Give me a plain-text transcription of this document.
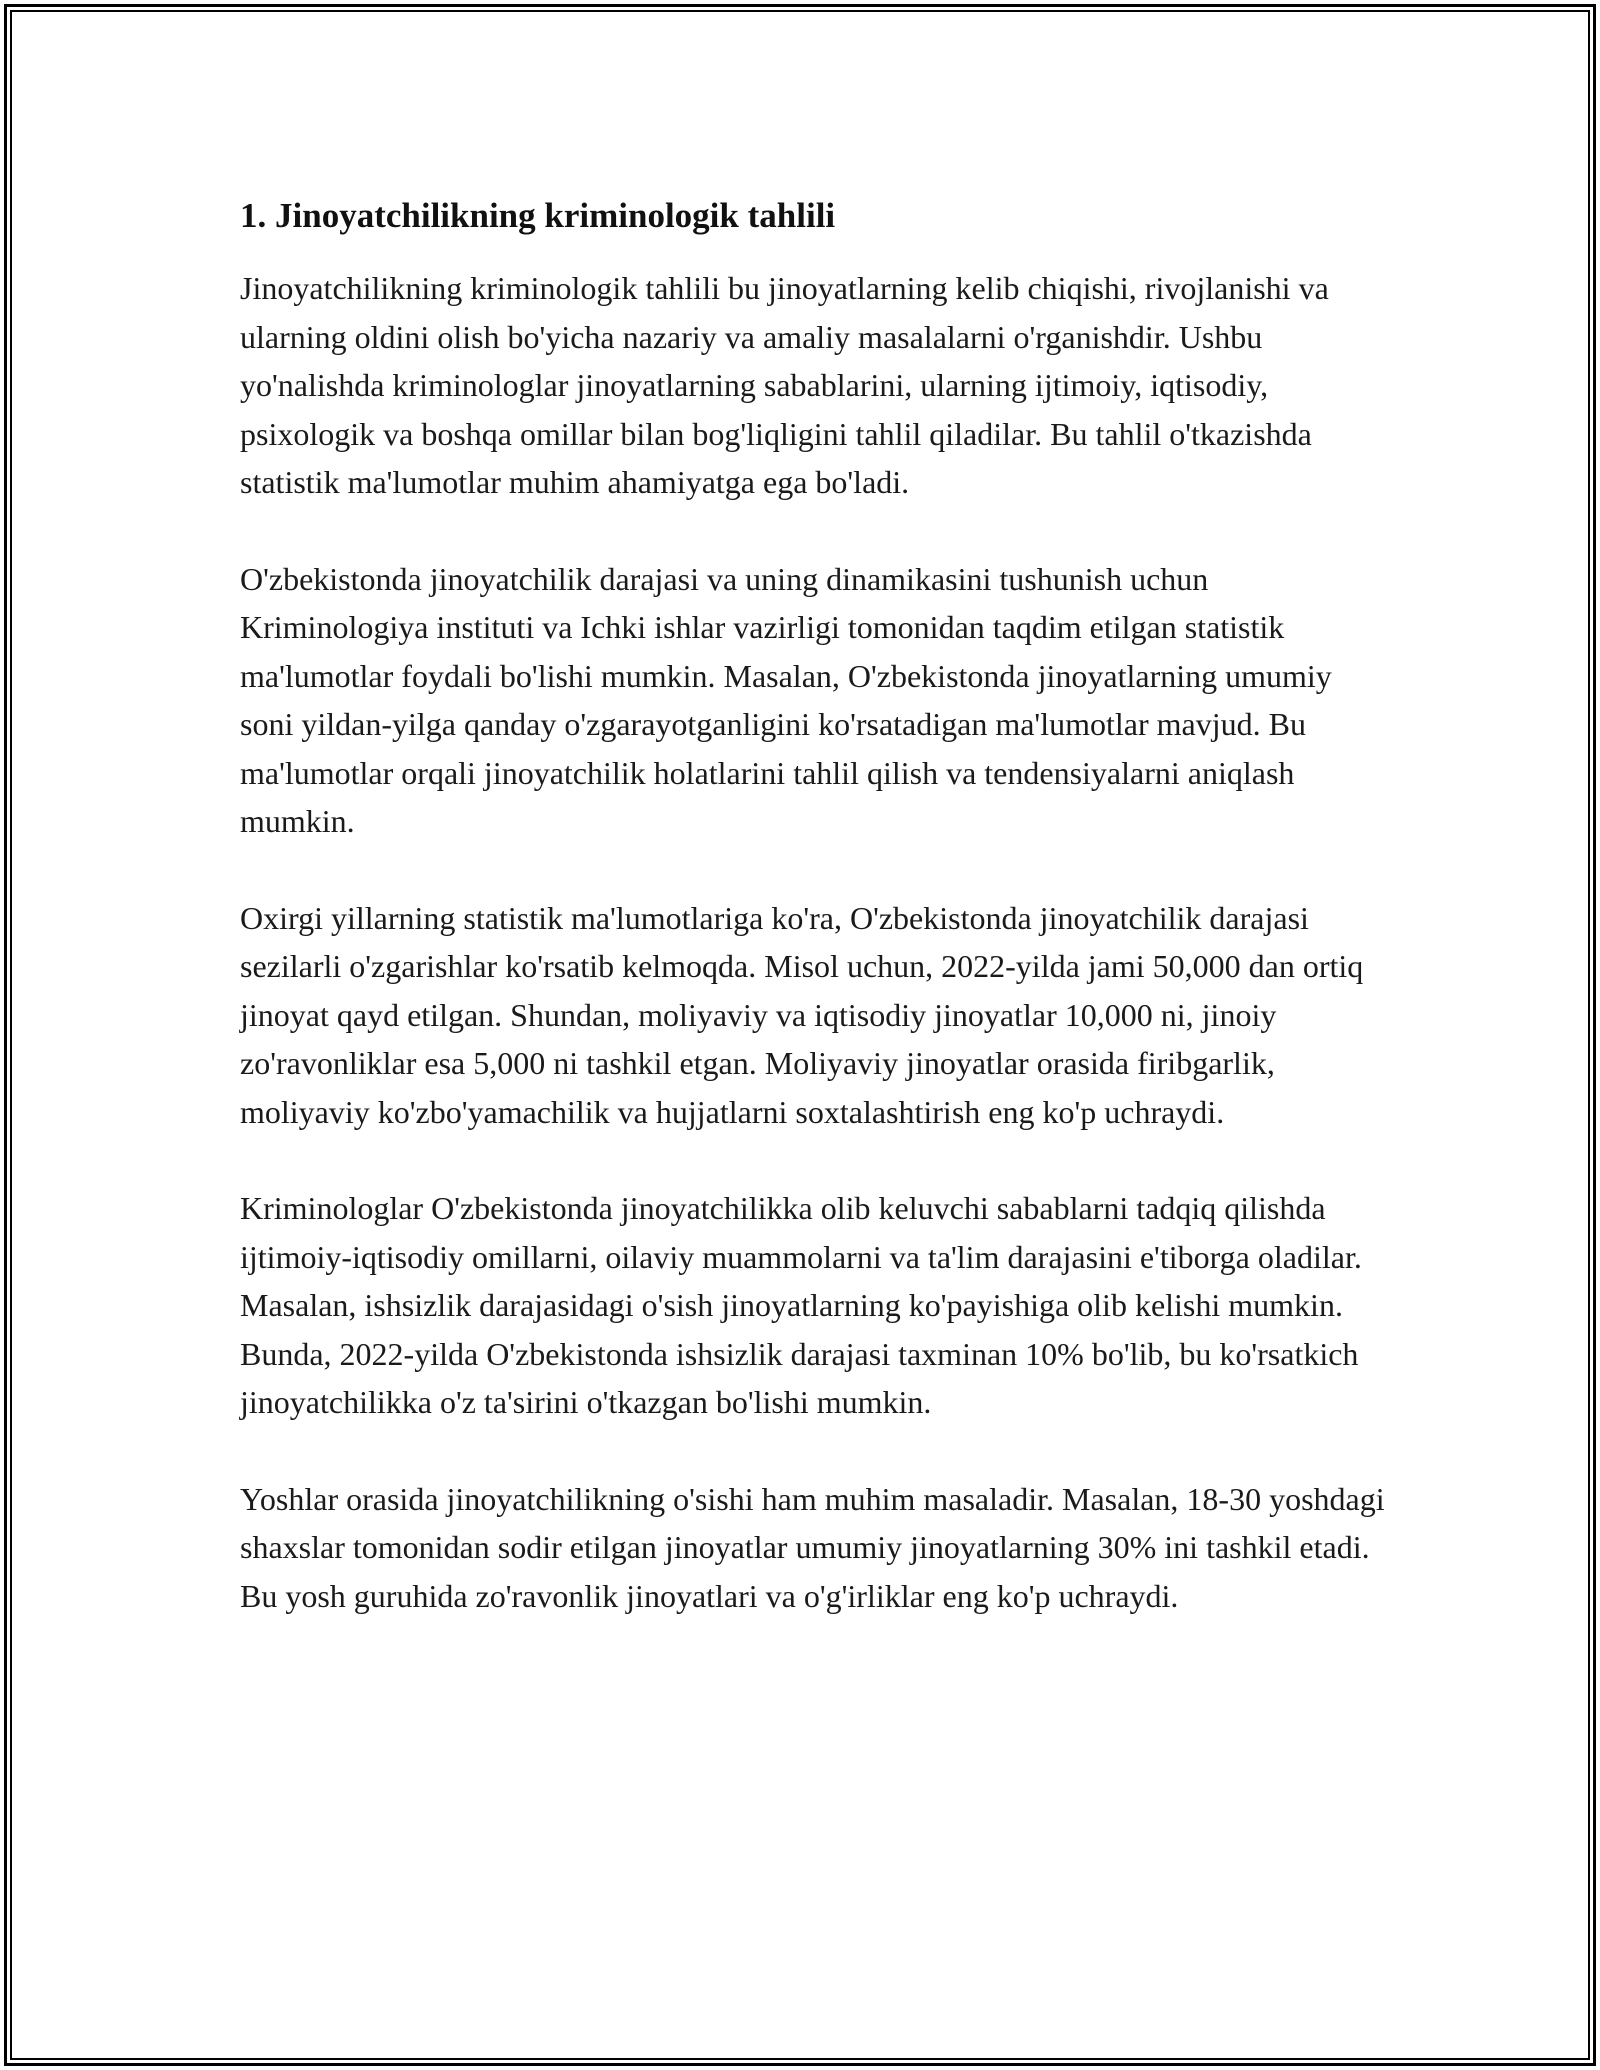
1. Jinoyatchilikning kriminologik tahlili

Jinoyatchilikning kriminologik tahlili bu jinoyatlarning kelib chiqishi, rivojlanishi va ularning oldini olish bo'yicha nazariy va amaliy masalalarni o'rganishdir. Ushbu yo'nalishda kriminologlar jinoyatlarning sabablarini, ularning ijtimoiy, iqtisodiy, psixologik va boshqa omillar bilan bog'liqligini tahlil qiladilar. Bu tahlil o'tkazishda statistik ma'lumotlar muhim ahamiyatga ega bo'ladi.

O'zbekistonda jinoyatchilik darajasi va uning dinamikasini tushunish uchun Kriminologiya instituti va Ichki ishlar vazirligi tomonidan taqdim etilgan statistik ma'lumotlar foydali bo'lishi mumkin. Masalan, O'zbekistonda jinoyatlarning umumiy soni yildan-yilga qanday o'zgarayotganligini ko'rsatadigan ma'lumotlar mavjud. Bu ma'lumotlar orqali jinoyatchilik holatlarini tahlil qilish va tendensiyalarni aniqlash mumkin.

Oxirgi yillarning statistik ma'lumotlariga ko'ra, O'zbekistonda jinoyatchilik darajasi sezilarli o'zgarishlar ko'rsatib kelmoqda. Misol uchun, 2022-yilda jami 50,000 dan ortiq jinoyat qayd etilgan. Shundan, moliyaviy va iqtisodiy jinoyatlar 10,000 ni, jinoiy zo'ravonliklar esa 5,000 ni tashkil etgan. Moliyaviy jinoyatlar orasida firibgarlik, moliyaviy ko'zbo'yamachilik va hujjatlarni soxtalashtirish eng ko'p uchraydi.

Kriminologlar O'zbekistonda jinoyatchilikka olib keluvchi sabablarni tadqiq qilishda ijtimoiy-iqtisodiy omillarni, oilaviy muammolarni va ta'lim darajasini e'tiborga oladilar. Masalan, ishsizlik darajasidagi o'sish jinoyatlarning ko'payishiga olib kelishi mumkin. Bunda, 2022-yilda O'zbekistonda ishsizlik darajasi taxminan 10% bo'lib, bu ko'rsatkich jinoyatchilikka o'z ta'sirini o'tkazgan bo'lishi mumkin.

Yoshlar orasida jinoyatchilikning o'sishi ham muhim masaladir. Masalan, 18-30 yoshdagi shaxslar tomonidan sodir etilgan jinoyatlar umumiy jinoyatlarning 30% ini tashkil etadi. Bu yosh guruhida zo'ravonlik jinoyatlari va o'g'irliklar eng ko'p uchraydi.
